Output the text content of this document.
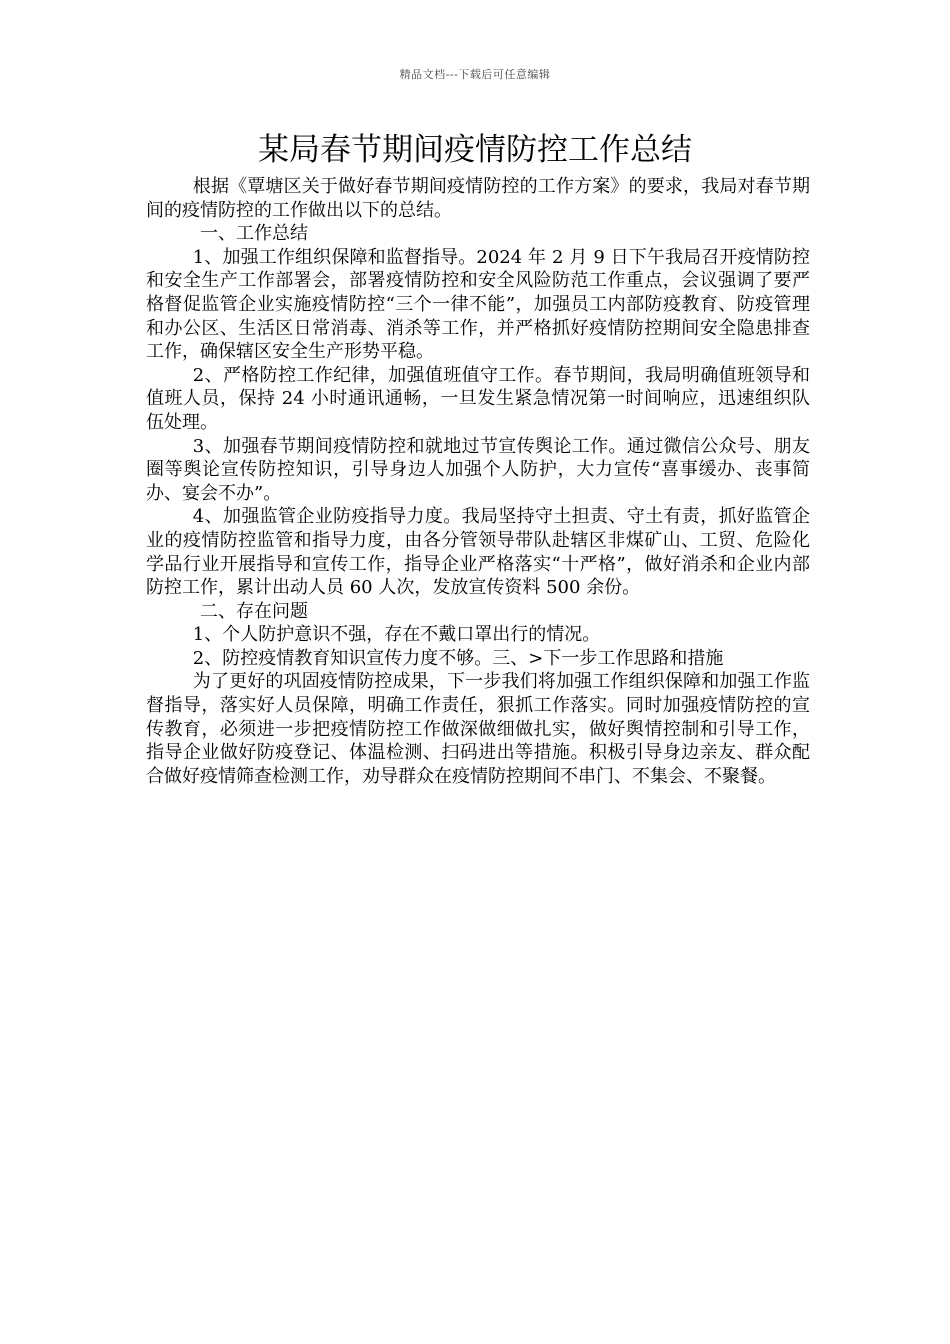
精品文档---下载后可任意编辑
某局春节期间疫情防控工作总结

根据《覃塘区关于做好春节期间疫情防控的工作方案》的要求，我局对春节期间的疫情防控的工作做出以下的总结。

一、工作总结

1、加强工作组织保障和监督指导。2024 年 2 月 9 日下午我局召开疫情防控和安全生产工作部署会，部署疫情防控和安全风险防范工作重点，会议强调了要严格督促监管企业实施疫情防控“三个一律不能”，加强员工内部防疫教育、防疫管理和办公区、生活区日常消毒、消杀等工作，并严格抓好疫情防控期间安全隐患排查工作，确保辖区安全生产形势平稳。

2、严格防控工作纪律，加强值班值守工作。春节期间，我局明确值班领导和值班人员，保持 24 小时通讯通畅，一旦发生紧急情况第一时间响应，迅速组织队伍处理。

3、加强春节期间疫情防控和就地过节宣传舆论工作。通过微信公众号、朋友圈等舆论宣传防控知识，引导身边人加强个人防护，大力宣传“喜事缓办、丧事简办、宴会不办”。

4、加强监管企业防疫指导力度。我局坚持守土担责、守土有责，抓好监管企业的疫情防控监管和指导力度，由各分管领导带队赴辖区非煤矿山、工贸、危险化学品行业开展指导和宣传工作，指导企业严格落实“十严格”，做好消杀和企业内部防控工作，累计出动人员 60 人次，发放宣传资料 500 余份。

二、存在问题

1、个人防护意识不强，存在不戴口罩出行的情况。

2、防控疫情教育知识宣传力度不够。三、>下一步工作思路和措施

为了更好的巩固疫情防控成果，下一步我们将加强工作组织保障和加强工作监督指导，落实好人员保障，明确工作责任，狠抓工作落实。同时加强疫情防控的宣传教育，必须进一步把疫情防控工作做深做细做扎实，做好舆情控制和引导工作，指导企业做好防疫登记、体温检测、扫码进出等措施。积极引导身边亲友、群众配合做好疫情筛查检测工作，劝导群众在疫情防控期间不串门、不集会、不聚餐。
